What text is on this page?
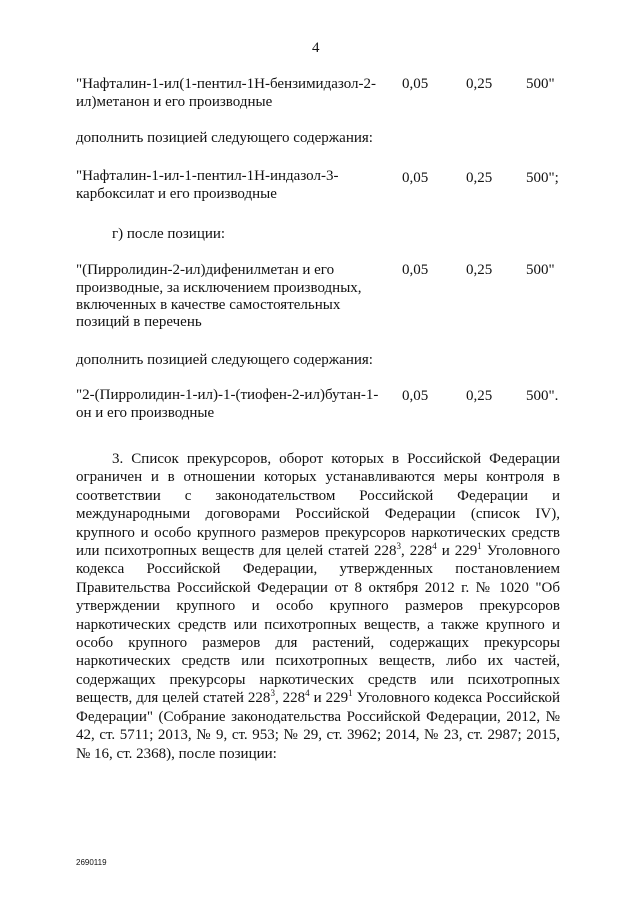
4
"Нафталин-1-ил(1-пентил-1Н-бензимидазол-2-
ил)метанон и его производные
0,05	0,25 500"
дополнить позицией следующего содержания:
"Нафталин-1-ил-1-пентил-1Н-индазол-3-
карбоксилат и его производные
0,05	0,25 500";
г) после позиции:
"(Пирролидин-2-ил)дифенилметан и его
производные, за исключением производных,
включенных в качестве самостоятельных
позиций в перечень
0,05	0,25 500"
дополнить позицией следующего содержания:
"2-(Пирролидин-1-ил)-1-(тиофен-2-ил)бутан-1-
он и его производные
0,05	0,25 500".
3. Список прекурсоров, оборот которых в Российской Федерации ограничен и в отношении которых устанавливаются меры контроля в соответствии с законодательством Российской Федерации и международными договорами Российской Федерации (список IV), крупного и особо крупного размеров прекурсоров наркотических средств или психотропных веществ для целей статей $228^3$, $228^4$ и $229^1$ Уголовного кодекса Российской Федерации, утвержденных постановлением Правительства Российской Федерации от 8 октября 2012 г. № 1020 "Об утверждении крупного и особо крупного размеров прекурсоров наркотических средств или психотропных веществ, а также крупного и особо крупного размеров для растений, содержащих прекурсоры наркотических средств или психотропных веществ, либо их частей, содержащих прекурсоры наркотических средств или психотропных веществ, для целей статей $228^3$, $228^4$ и $229^1$ Уголовного кодекса Российской Федерации" (Собрание законодательства Российской Федерации, 2012, № 42, ст. 5711; 2013, № 9, ст. 953; № 29, ст. 3962; 2014, № 23, ст. 2987; 2015, № 16, ст. 2368), после позиции:
2690119
